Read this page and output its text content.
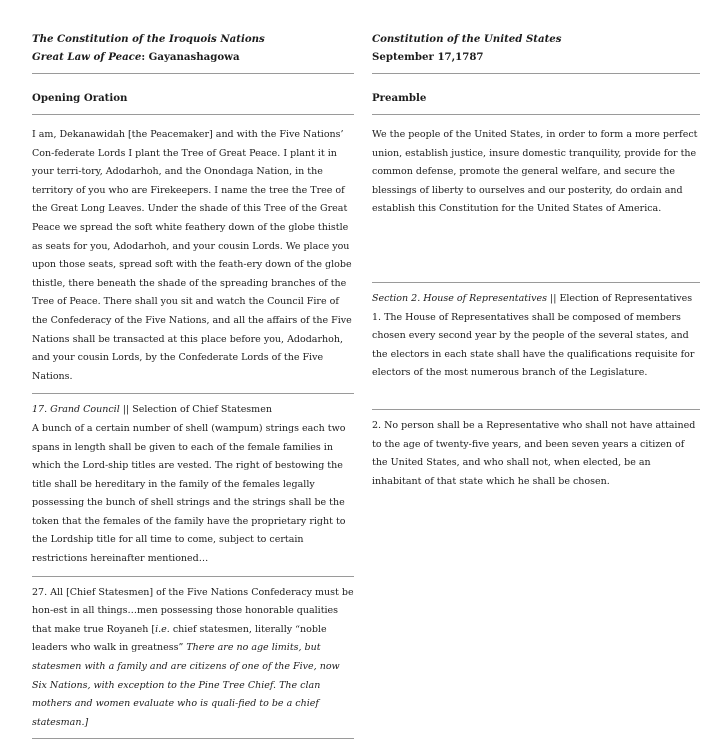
The Constitution of the Iroquois Nations
Great Law of Peace: Gayanashagowa
Opening Oration

I am, Dekanawidah [the Peacemaker] and with the Five Nations’ Con-federate Lords I plant the Tree of Great Peace. I plant it in your terri-tory, Adodarhoh, and the Onondaga Nation, in the territory of you who are Firekeepers. I name the tree the Tree of the Great Long Leaves. Under the shade of this Tree of the Great Peace we spread the soft white feathery down of the globe thistle as seats for you, Adodarhoh, and your cousin Lords. We place you upon those seats, spread soft with the feath-ery down of the globe thistle, there beneath the shade of the spreading branches of the Tree of Peace. There shall you sit and watch the Council Fire of the Confederacy of the Five Nations, and all the affairs of the Five Nations shall be transacted at this place before you, Adodarhoh, and your cousin Lords, by the Confederate Lords of the Five Nations.

17. Grand Council || Selection of Chief Statesmen

A bunch of a certain number of shell (wampum) strings each two spans in length shall be given to each of the female families in which the Lord-ship titles are vested. The right of bestowing the title shall be hereditary in the family of the females legally possessing the bunch of shell strings and the strings shall be the token that the females of the family have the proprietary right to the Lordship title for all time to come, subject to certain restrictions hereinafter mentioned…

27. All [Chief Statesmen] of the Five Nations Confederacy must be hon-est in all things…men possessing those honorable qualities that make true Royaneh [i.e. chief statesmen, literally “noble leaders who walk in greatness” There are no age limits, but statesmen with a family and are citizens of one of the Five, now Six Nations, with exception to the Pine Tree Chief. The clan mothers and women evaluate who is quali-fied to be a chief statesman.]

Constitution of the United States
September 17,1787
Preamble

We the people of the United States, in order to form a more perfect union, establish justice, insure domestic tranquility, provide for the common defense, promote the general welfare, and secure the blessings of liberty to ourselves and our posterity, do ordain and establish this Constitution for the United States of America.

Section 2. House of Representatives || Election of Representatives

1. The House of Representatives shall be composed of members chosen every second year by the people of the several states, and the electors in each state shall have the qualifications requisite for electors of the most numerous branch of the Legislature.

2. No person shall be a Representative who shall not have attained to the age of twenty-five years, and been seven years a citizen of the United States, and who shall not, when elected, be an inhabitant of that state which he shall be chosen.
